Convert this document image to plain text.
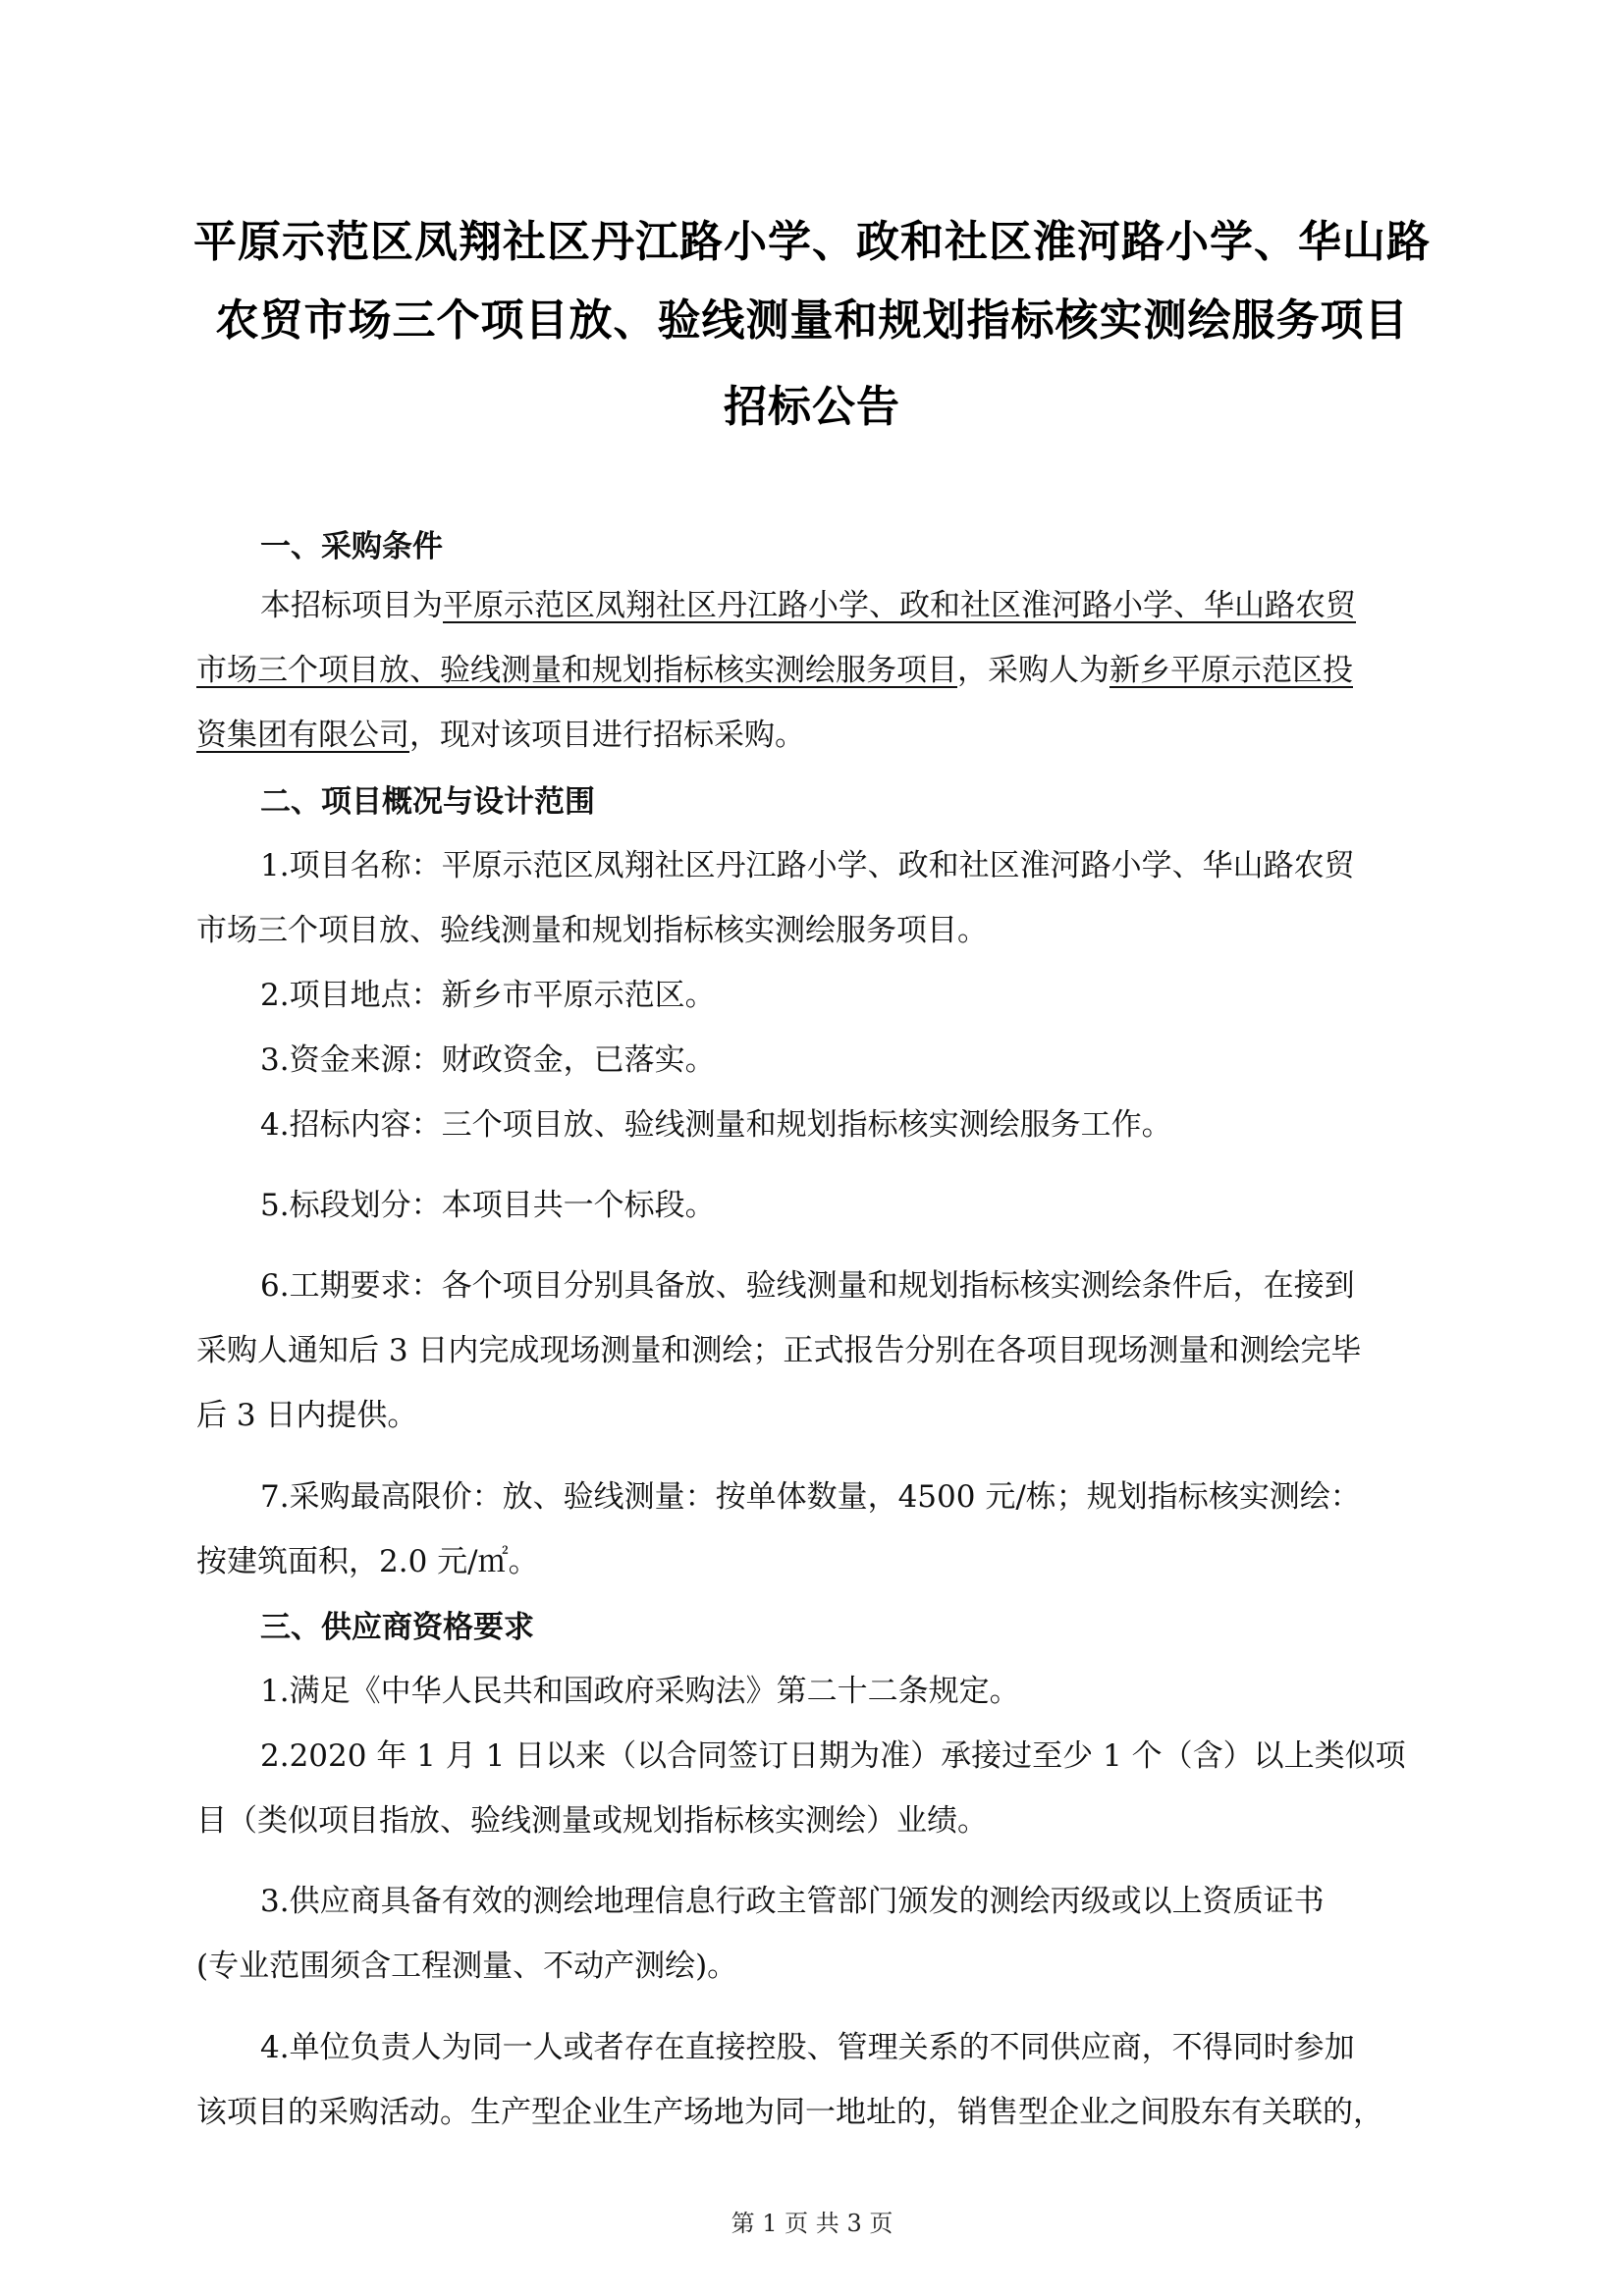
平原示范区凤翔社区丹江路小学、政和社区淮河路小学、华山路
农贸市场三个项目放、验线测量和规划指标核实测绘服务项目
招标公告
一、采购条件
本招标项目为平原示范区凤翔社区丹江路小学、政和社区淮河路小学、华山路农贸
市场三个项目放、验线测量和规划指标核实测绘服务项目，采购人为新乡平原示范区投
资集团有限公司，现对该项目进行招标采购。
二、项目概况与设计范围
1.项目名称：平原示范区凤翔社区丹江路小学、政和社区淮河路小学、华山路农贸
市场三个项目放、验线测量和规划指标核实测绘服务项目。
2.项目地点：新乡市平原示范区。
3.资金来源：财政资金，已落实。
4.招标内容：三个项目放、验线测量和规划指标核实测绘服务工作。
5.标段划分：本项目共一个标段。
6.工期要求：各个项目分别具备放、验线测量和规划指标核实测绘条件后，在接到
采购人通知后 3 日内完成现场测量和测绘；正式报告分别在各项目现场测量和测绘完毕
后 3 日内提供。
7.采购最高限价：放、验线测量：按单体数量，4500 元/栋；规划指标核实测绘：
按建筑面积，2.0 元/㎡。
三、供应商资格要求
1.满足《中华人民共和国政府采购法》第二十二条规定。
2.2020 年 1 月 1 日以来（以合同签订日期为准）承接过至少 1 个（含）以上类似项
目（类似项目指放、验线测量或规划指标核实测绘）业绩。
3.供应商具备有效的测绘地理信息行政主管部门颁发的测绘丙级或以上资质证书
(专业范围须含工程测量、不动产测绘)。
4.单位负责人为同一人或者存在直接控股、管理关系的不同供应商，不得同时参加
该项目的采购活动。生产型企业生产场地为同一地址的，销售型企业之间股东有关联的，
第 1 页 共 3 页
